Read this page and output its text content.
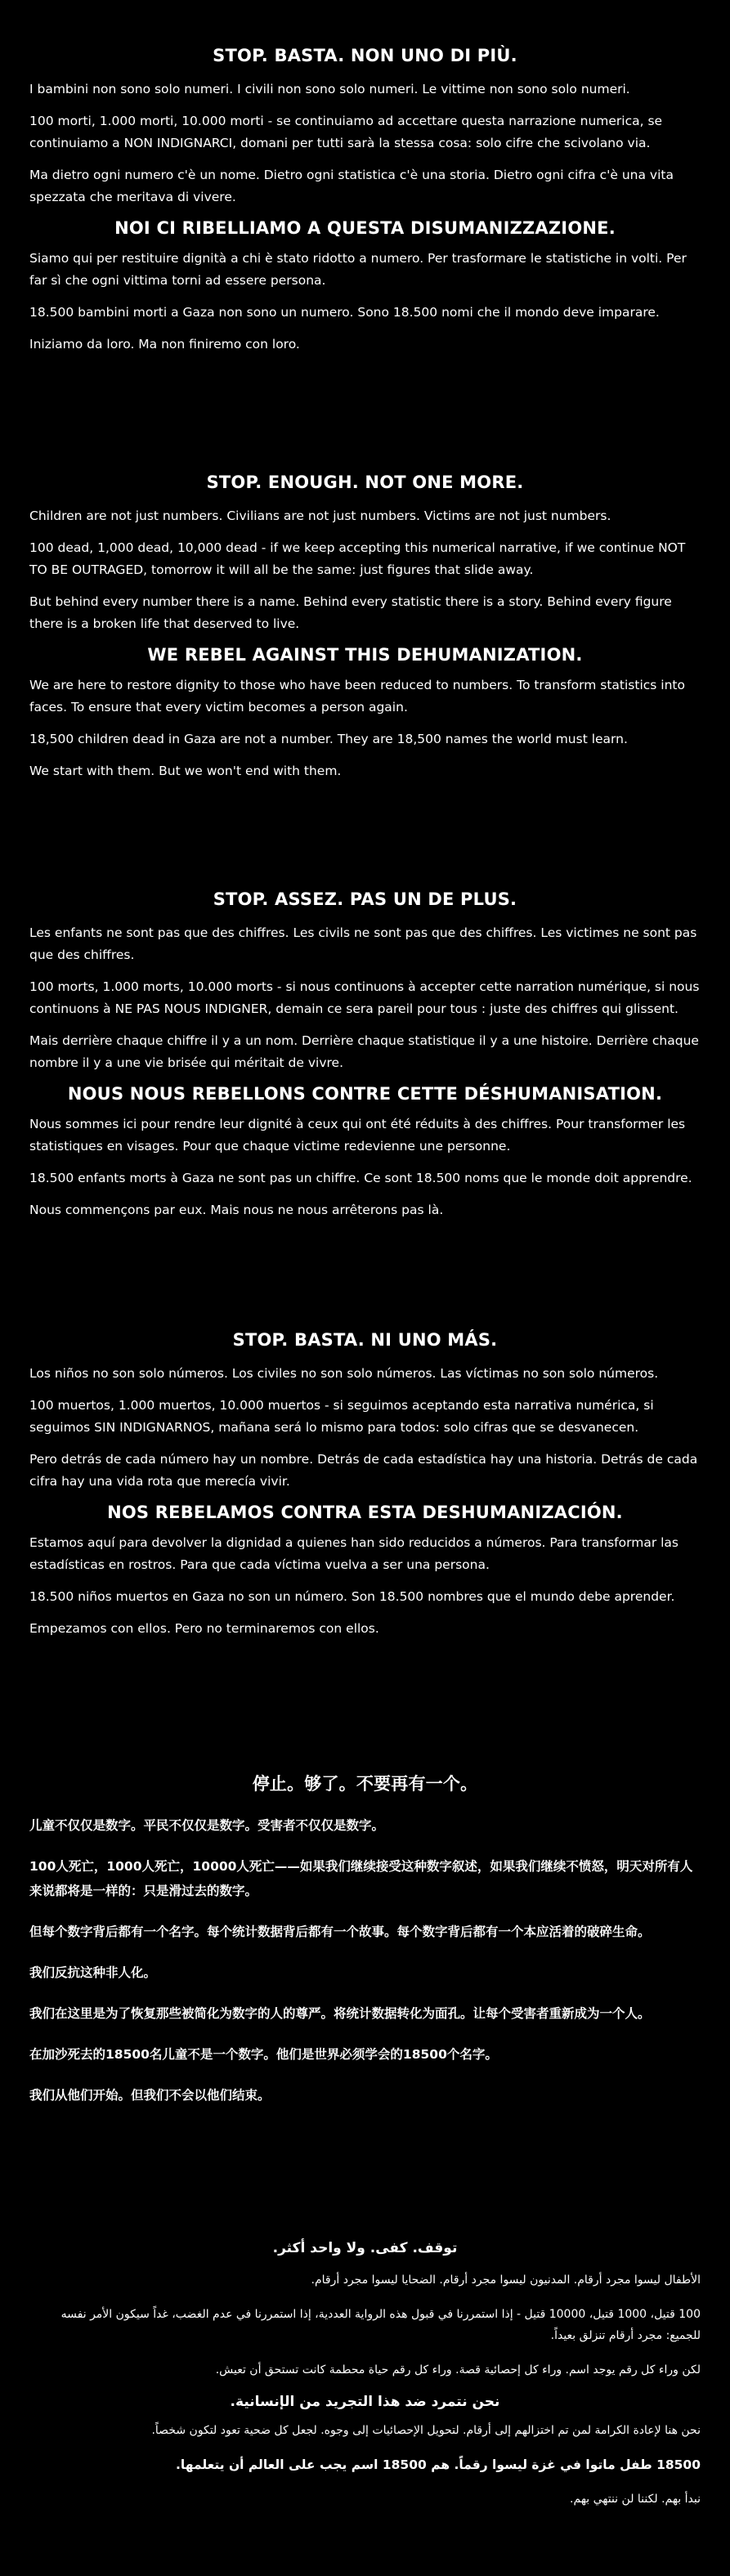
STOP. BASTA. NON UNO DI PIÙ.

I bambini non sono solo numeri. I civili non sono solo numeri. Le vittime non sono solo numeri.

100 morti, 1.000 morti, 10.000 morti - se continuiamo ad accettare questa narrazione numerica, se continuiamo a NON INDIGNARCI, domani per tutti sarà la stessa cosa: solo cifre che scivolano via.

Ma dietro ogni numero c'è un nome. Dietro ogni statistica c'è una storia. Dietro ogni cifra c'è una vita spezzata che meritava di vivere.

NOI CI RIBELLIAMO A QUESTA DISUMANIZZAZIONE.

Siamo qui per restituire dignità a chi è stato ridotto a numero. Per trasformare le statistiche in volti. Per far sì che ogni vittima torni ad essere persona.

18.500 bambini morti a Gaza non sono un numero. Sono 18.500 nomi che il mondo deve imparare.

Iniziamo da loro. Ma non finiremo con loro.

STOP. ENOUGH. NOT ONE MORE.

Children are not just numbers. Civilians are not just numbers. Victims are not just numbers.

100 dead, 1,000 dead, 10,000 dead - if we keep accepting this numerical narrative, if we continue NOT TO BE OUTRAGED, tomorrow it will all be the same: just figures that slide away.

But behind every number there is a name. Behind every statistic there is a story. Behind every figure there is a broken life that deserved to live.

WE REBEL AGAINST THIS DEHUMANIZATION.

We are here to restore dignity to those who have been reduced to numbers. To transform statistics into faces. To ensure that every victim becomes a person again.

18,500 children dead in Gaza are not a number. They are 18,500 names the world must learn.

We start with them. But we won't end with them.

STOP. ASSEZ. PAS UN DE PLUS.

Les enfants ne sont pas que des chiffres. Les civils ne sont pas que des chiffres. Les victimes ne sont pas que des chiffres.

100 morts, 1.000 morts, 10.000 morts - si nous continuons à accepter cette narration numérique, si nous continuons à NE PAS NOUS INDIGNER, demain ce sera pareil pour tous : juste des chiffres qui glissent.

Mais derrière chaque chiffre il y a un nom. Derrière chaque statistique il y a une histoire. Derrière chaque nombre il y a une vie brisée qui méritait de vivre.

NOUS NOUS REBELLONS CONTRE CETTE DÉSHUMANISATION.

Nous sommes ici pour rendre leur dignité à ceux qui ont été réduits à des chiffres. Pour transformer les statistiques en visages. Pour que chaque victime redevienne une personne.

18.500 enfants morts à Gaza ne sont pas un chiffre. Ce sont 18.500 noms que le monde doit apprendre.

Nous commençons par eux. Mais nous ne nous arrêterons pas là.

STOP. BASTA. NI UNO MÁS.

Los niños no son solo números. Los civiles no son solo números. Las víctimas no son solo números.

100 muertos, 1.000 muertos, 10.000 muertos - si seguimos aceptando esta narrativa numérica, si seguimos SIN INDIGNARNOS, mañana será lo mismo para todos: solo cifras que se desvanecen.

Pero detrás de cada número hay un nombre. Detrás de cada estadística hay una historia. Detrás de cada cifra hay una vida rota que merecía vivir.

NOS REBELAMOS CONTRA ESTA DESHUMANIZACIÓN.

Estamos aquí para devolver la dignidad a quienes han sido reducidos a números. Para transformar las estadísticas en rostros. Para que cada víctima vuelva a ser una persona.

18.500 niños muertos en Gaza no son un número. Son 18.500 nombres que el mundo debe aprender.

Empezamos con ellos. Pero no terminaremos con ellos.

停止。够了。不要再有一个。

儿童不仅仅是数字。平民不仅仅是数字。受害者不仅仅是数字。

100人死亡，1000人死亡，10000人死亡——如果我们继续接受这种数字叙述，如果我们继续不愤怒，明天对所有人来说都将是一样的：只是滑过去的数字。

但每个数字背后都有一个名字。每个统计数据背后都有一个故事。每个数字背后都有一个本应活着的破碎生命。

我们反抗这种非人化。

我们在这里是为了恢复那些被简化为数字的人的尊严。将统计数据转化为面孔。让每个受害者重新成为一个人。

在加沙死去的18500名儿童不是一个数字。他们是世界必须学会的18500个名字。

我们从他们开始。但我们不会以他们结束。

توقف. كفى. ولا واحد أكثر.

الأطفال ليسوا مجرد أرقام. المدنيون ليسوا مجرد أرقام. الضحايا ليسوا مجرد أرقام.

100 قتيل، 1000 قتيل، 10000 قتيل - إذا استمررنا في قبول هذه الرواية العددية، إذا استمررنا في عدم الغضب، غداً سيكون الأمر نفسه للجميع: مجرد أرقام تنزلق بعيداً.

لكن وراء كل رقم يوجد اسم. وراء كل إحصائية قصة. وراء كل رقم حياة محطمة كانت تستحق أن تعيش.

نحن نتمرد ضد هذا التجريد من الإنسانية.

نحن هنا لإعادة الكرامة لمن تم اختزالهم إلى أرقام. لتحويل الإحصائيات إلى وجوه. لجعل كل ضحية تعود لتكون شخصاً.

18500 طفل ماتوا في غزة ليسوا رقماً. هم 18500 اسم يجب على العالم أن يتعلمها.

نبدأ بهم. لكننا لن ننتهي بهم.
